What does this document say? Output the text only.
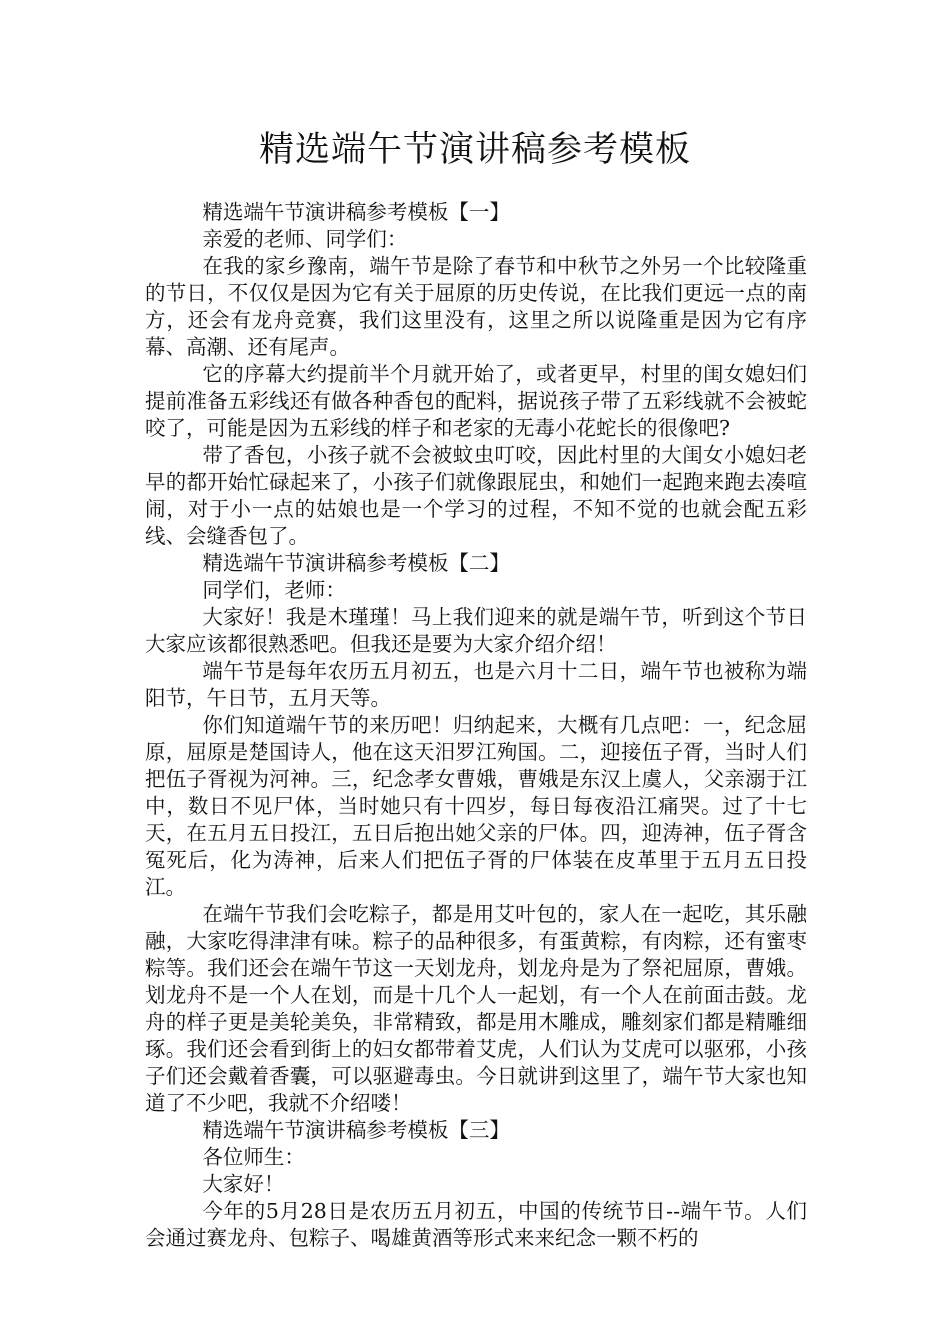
精选端午节演讲稿参考模板

精选端午节演讲稿参考模板【一】

亲爱的老师、同学们：

在我的家乡豫南，端午节是除了春节和中秋节之外另一个比较隆重的节日，不仅仅是因为它有关于屈原的历史传说，在比我们更远一点的南方，还会有龙舟竞赛，我们这里没有，这里之所以说隆重是因为它有序幕、高潮、还有尾声。

它的序幕大约提前半个月就开始了，或者更早，村里的闺女媳妇们提前准备五彩线还有做各种香包的配料，据说孩子带了五彩线就不会被蛇咬了，可能是因为五彩线的样子和老家的无毒小花蛇长的很像吧?

带了香包，小孩子就不会被蚊虫叮咬，因此村里的大闺女小媳妇老早的都开始忙碌起来了，小孩子们就像跟屁虫，和她们一起跑来跑去凑喧闹，对于小一点的姑娘也是一个学习的过程，不知不觉的也就会配五彩线、会缝香包了。

精选端午节演讲稿参考模板【二】

同学们，老师：

大家好！我是木瑾瑾！马上我们迎来的就是端午节，听到这个节日大家应该都很熟悉吧。但我还是要为大家介绍介绍！

端午节是每年农历五月初五，也是六月十二日，端午节也被称为端阳节，午日节，五月天等。

你们知道端午节的来历吧！归纳起来，大概有几点吧：一，纪念屈原，屈原是楚国诗人，他在这天汨罗江殉国。二，迎接伍子胥，当时人们把伍子胥视为河神。三，纪念孝女曹娥，曹娥是东汉上虞人，父亲溺于江中，数日不见尸体，当时她只有十四岁，每日每夜沿江痛哭。过了十七天，在五月五日投江，五日后抱出她父亲的尸体。四，迎涛神，伍子胥含冤死后，化为涛神，后来人们把伍子胥的尸体装在皮革里于五月五日投江。

在端午节我们会吃粽子，都是用艾叶包的，家人在一起吃，其乐融融，大家吃得津津有味。粽子的品种很多，有蛋黄粽，有肉粽，还有蜜枣粽等。我们还会在端午节这一天划龙舟，划龙舟是为了祭祀屈原，曹娥。划龙舟不是一个人在划，而是十几个人一起划，有一个人在前面击鼓。龙舟的样子更是美轮美奂，非常精致，都是用木雕成，雕刻家们都是精雕细琢。我们还会看到街上的妇女都带着艾虎，人们认为艾虎可以驱邪，小孩子们还会戴着香囊，可以驱避毒虫。今日就讲到这里了，端午节大家也知道了不少吧，我就不介绍喽！

精选端午节演讲稿参考模板【三】

各位师生：

大家好！

今年的5月28日是农历五月初五，中国的传统节日--端午节。人们会通过赛龙舟、包粽子、喝雄黄酒等形式来来纪念一颗不朽的
